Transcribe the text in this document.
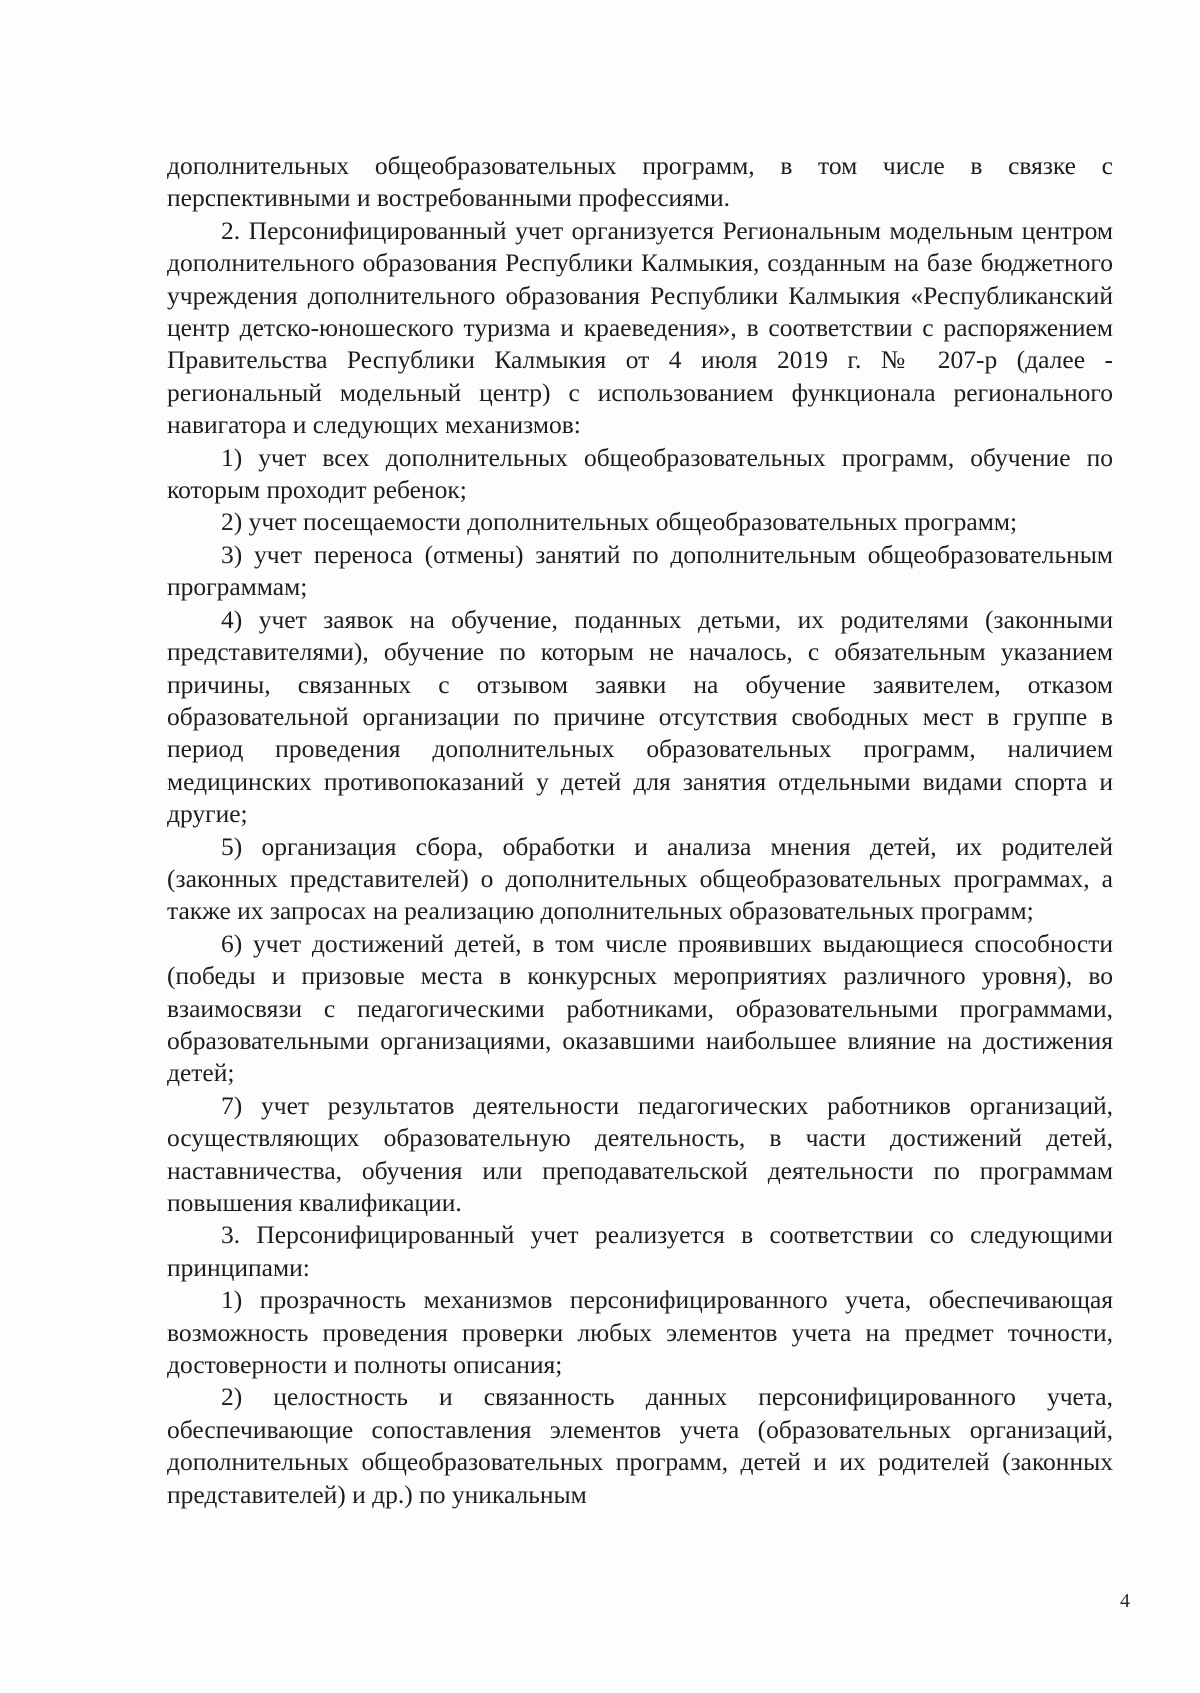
дополнительных общеобразовательных программ, в том числе в связке с перспективными и востребованными профессиями.

2. Персонифицированный учет организуется Региональным модельным центром дополнительного образования Республики Калмыкия, созданным на базе бюджетного учреждения дополнительного образования Республики Калмыкия «Республиканский центр детско-юношеского туризма и краеведения», в соответствии с распоряжением Правительства Республики Калмыкия от 4 июля 2019 г. № 207-р (далее - региональный модельный центр) с использованием функционала регионального навигатора и следующих механизмов:

1) учет всех дополнительных общеобразовательных программ, обучение по которым проходит ребенок;

2) учет посещаемости дополнительных общеобразовательных программ;

3) учет переноса (отмены) занятий по дополнительным общеобразовательным программам;

4) учет заявок на обучение, поданных детьми, их родителями (законными представителями), обучение по которым не началось, с обязательным указанием причины, связанных с отзывом заявки на обучение заявителем, отказом образовательной организации по причине отсутствия свободных мест в группе в период проведения дополнительных образовательных программ, наличием медицинских противопоказаний у детей для занятия отдельными видами спорта и другие;

5) организация сбора, обработки и анализа мнения детей, их родителей (законных представителей) о дополнительных общеобразовательных программах, а также их запросах на реализацию дополнительных образовательных программ;

6) учет достижений детей, в том числе проявивших выдающиеся способности (победы и призовые места в конкурсных мероприятиях различного уровня), во взаимосвязи с педагогическими работниками, образовательными программами, образовательными организациями, оказавшими наибольшее влияние на достижения детей;

7) учет результатов деятельности педагогических работников организаций, осуществляющих образовательную деятельность, в части достижений детей, наставничества, обучения или преподавательской деятельности по программам повышения квалификации.

3. Персонифицированный учет реализуется в соответствии со следующими принципами:

1) прозрачность механизмов персонифицированного учета, обеспечивающая возможность проведения проверки любых элементов учета на предмет точности, достоверности и полноты описания;

2) целостность и связанность данных персонифицированного учета, обеспечивающие сопоставления элементов учета (образовательных организаций, дополнительных общеобразовательных программ, детей и их родителей (законных представителей) и др.) по уникальным

4
